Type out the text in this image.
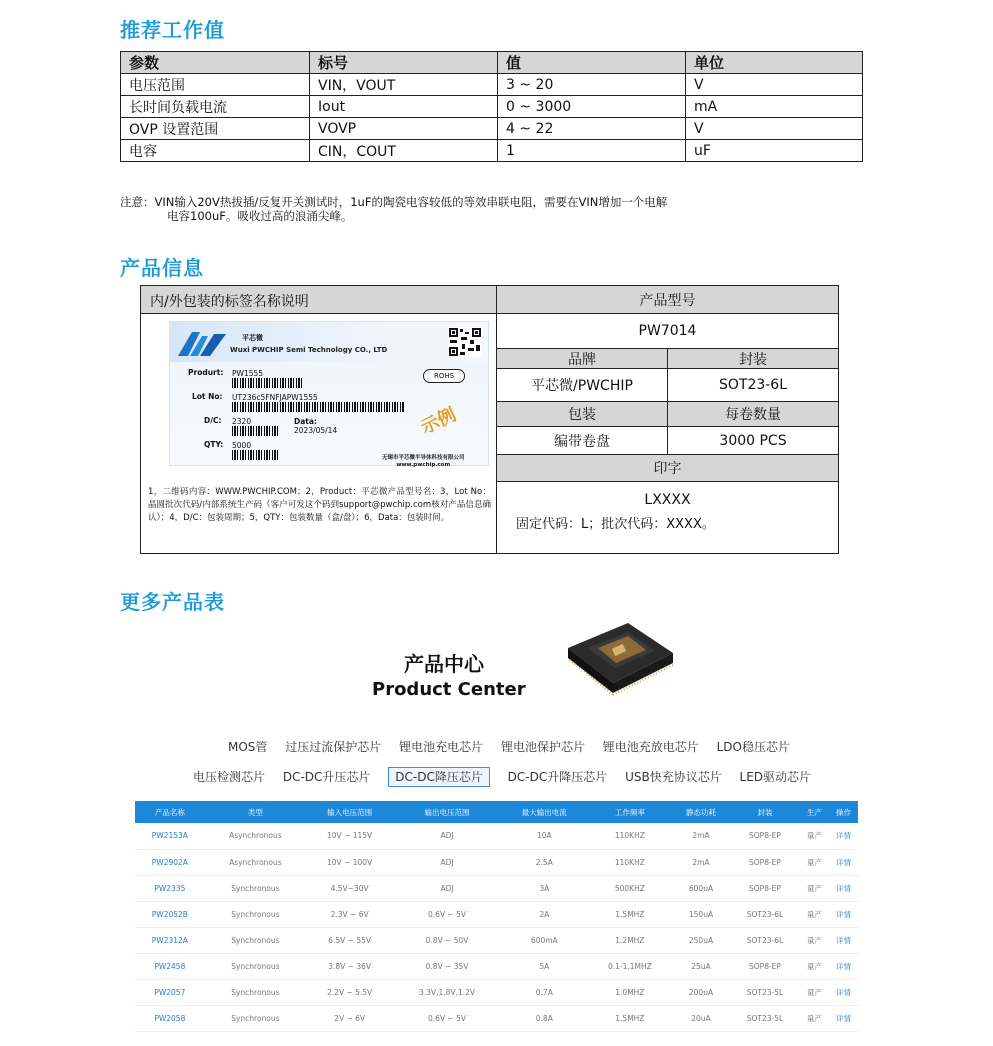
推荐工作值
参数	标号	值	单位
电压范围	VIN，VOUT	3 ~ 20	V
长时间负载电流	Iout	0 ~ 3000	mA
OVP 设置范围	VOVP	4 ~ 22	V
电容	CIN，COUT	1	uF
注意：VIN输入20V热拔插/反复开关测试时，1uF的陶瓷电容较低的等效串联电阻，需要在VIN增加一个电解
电容100uF。吸收过高的浪涌尖峰。
产品信息
内/外包装的标签名称说明
平芯微
Wuxi PWCHIP Semi Technology CO., LTD
Produrt: PW1555	ROHS
Lot No: UT236c5FNFJAPW1555
示例
D/C: 2320	Data:
2023/05/14
QTY: 5000
无锡市平芯微半导体科技有限公司
www.pwchip.com
1，二维码内容：WWW.PWCHIP.COM；2，Product：平芯微产品型号名；3，Lot No：晶圆批次代码/内部系统生产码（客户可发这个码到support@pwchip.com核对产品信息确认）；4，D/C：包装周期；5，QTY：包装数量（盒/盘）；6，Data：包装时间。
产品型号
PW7014
品牌	封装
平芯微/PWCHIP	SOT23-6L
包装	每卷数量
编带卷盘	3000 PCS
印字
LXXXX
固定代码：L；批次代码：XXXX。
更多产品表
产品中心
Product Center
MOS管 过压过流保护芯片 锂电池充电芯片 锂电池保护芯片 锂电池充放电芯片 LDO稳压芯片
电压检测芯片 DC-DC升压芯片 DC-DC降压芯片 DC-DC升降压芯片 USB快充协议芯片 LED驱动芯片
产品名称	类型	输入电压范围	输出电压范围	最大输出电流	工作频率	静态功耗	封装	生产	操作
PW2153A	Asynchronous	10V ~ 115V	ADJ	10A	110KHZ	2mA	SOP8-EP	量产	详情
PW2902A	Asynchronous	10V ~ 100V	ADJ	2.5A	110KHZ	2mA	SOP8-EP	量产	详情
PW2335	Synchronous	4.5V~30V	ADJ	3A	500KHZ	600uA	SOP8-EP	量产	详情
PW2052B	Synchronous	2.3V ~ 6V	0.6V ~ 5V	2A	1.5MHZ	150uA	SOT23-6L	量产	详情
PW2312A	Synchronous	6.5V ~ 55V	0.8V ~ 50V	600mA	1.2MHZ	250uA	SOT23-6L	量产	详情
PW2458	Synchronous	3.8V ~ 36V	0.8V ~ 35V	5A	0.1-1.1MHZ	25uA	SOP8-EP	量产	详情
PW2057	Synchronous	2.2V ~ 5.5V	3.3V,1.8V,1.2V	0.7A	1.0MHZ	200uA	SOT23-5L	量产	详情
PW2058	Synchronous	2V ~ 6V	0.6V ~ 5V	0.8A	1.5MHZ	20uA	SOT23-5L	量产	详情
